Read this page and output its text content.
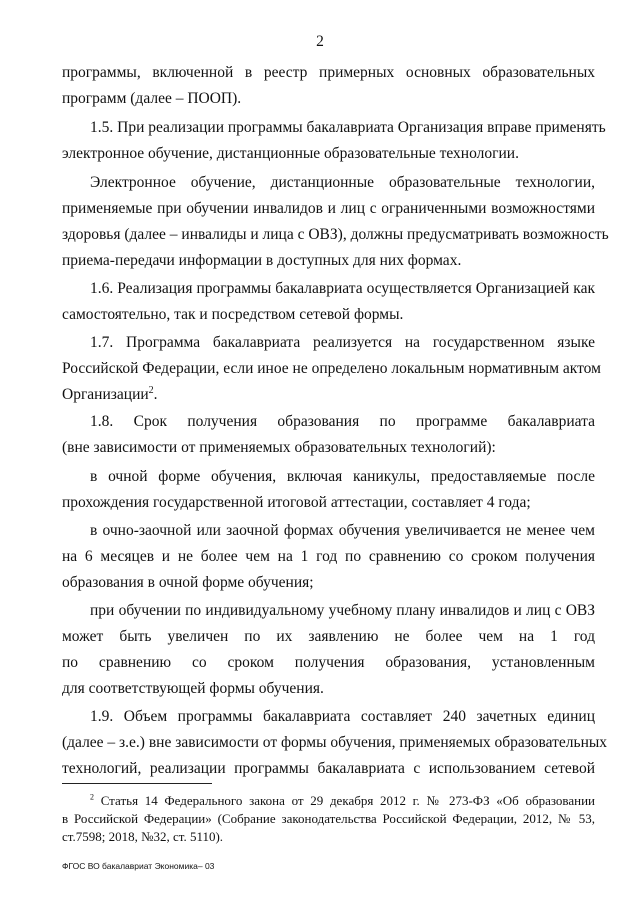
2
программы, включенной в реестр примерных основных образовательных
программ (далее – ПООП).
1.5. При реализации программы бакалавриата Организация вправе применять
электронное обучение, дистанционные образовательные технологии.
Электронное обучение, дистанционные образовательные технологии,
применяемые при обучении инвалидов и лиц с ограниченными возможностями
здоровья (далее – инвалиды и лица с ОВЗ), должны предусматривать возможность
приема-передачи информации в доступных для них формах.
1.6. Реализация программы бакалавриата осуществляется Организацией как
самостоятельно, так и посредством сетевой формы.
1.7. Программа бакалавриата реализуется на государственном языке
Российской Федерации, если иное не определено локальным нормативным актом
Организации$^2$.
1.8. Срок получения образования по программе бакалавриата
(вне зависимости от применяемых образовательных технологий):
в очной форме обучения, включая каникулы, предоставляемые после
прохождения государственной итоговой аттестации, составляет 4 года;
в очно-заочной или заочной формах обучения увеличивается не менее чем
на 6 месяцев и не более чем на 1 год по сравнению со сроком получения
образования в очной форме обучения;
при обучении по индивидуальному учебному плану инвалидов и лиц с ОВЗ
может быть увеличен по их заявлению не более чем на 1 год
по сравнению со сроком получения образования, установленным
для соответствующей формы обучения.
1.9. Объем программы бакалавриата составляет 240 зачетных единиц
(далее – з.е.) вне зависимости от формы обучения, применяемых образовательных
технологий, реализации программы бакалавриата с использованием сетевой
$^2$ Статья 14 Федерального закона от 29 декабря 2012 г. № 273-ФЗ «Об образовании
в Российской Федерации» (Собрание законодательства Российской Федерации, 2012, № 53,
ст.7598; 2018, №32, ст. 5110).
ФГОС ВО бакалавриат Экономика– 03
